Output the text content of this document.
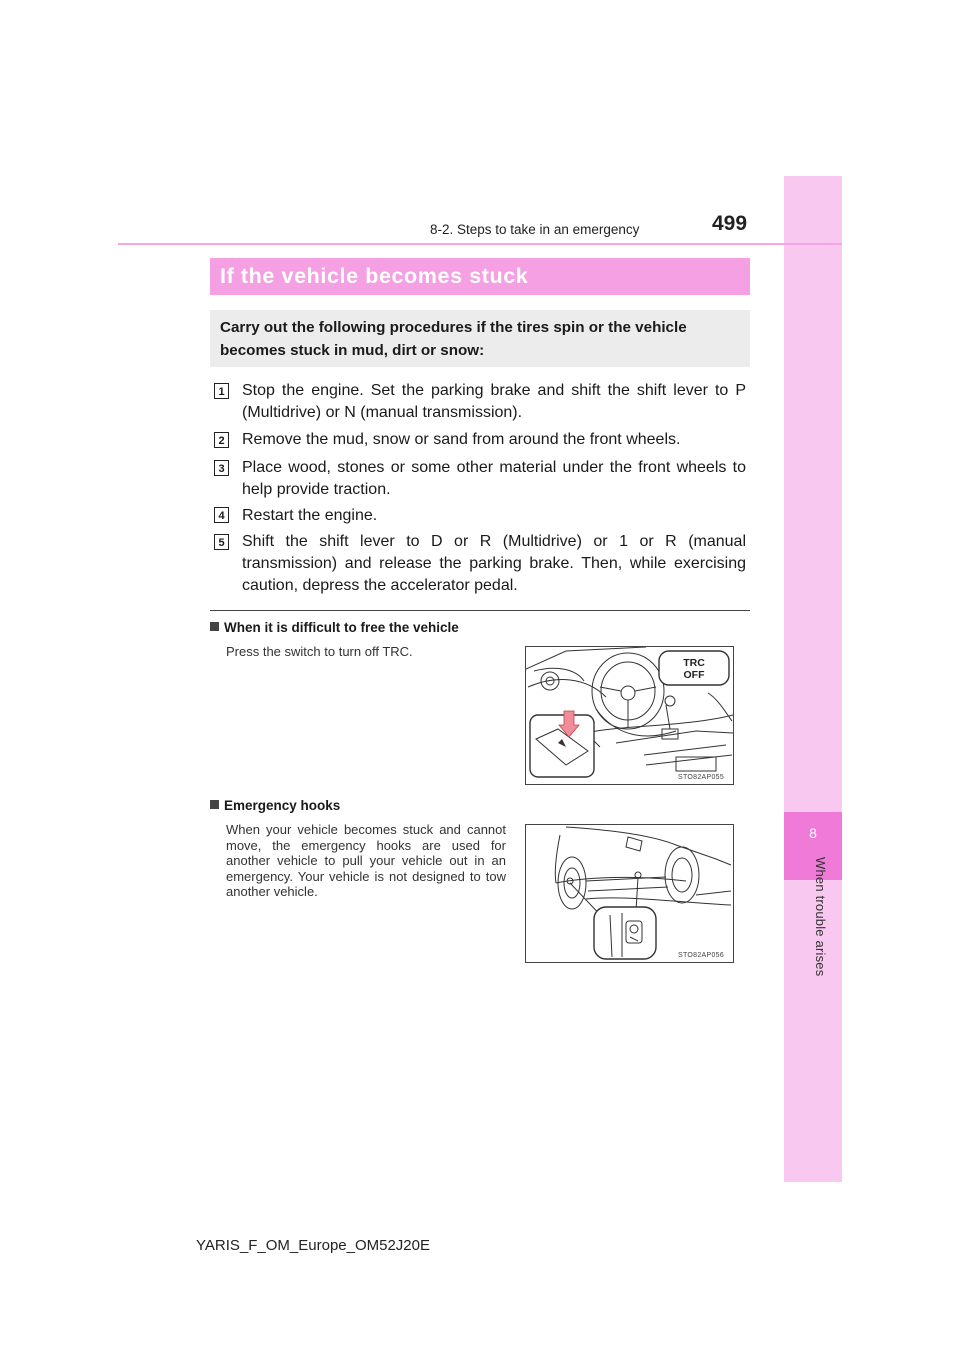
8
When trouble arises
8-2. Steps to take in an emergency	499
If the vehicle becomes stuck
Carry out the following procedures if the tires spin or the vehicle becomes stuck in mud, dirt or snow:
1 Stop the engine. Set the parking brake and shift the shift lever to P (Multidrive) or N (manual transmission).
2 Remove the mud, snow or sand from around the front wheels.
3 Place wood, stones or some other material under the front wheels to help provide traction.
4 Restart the engine.
5 Shift the shift lever to D or R (Multidrive) or 1 or R (manual transmission) and release the parking brake. Then, while exercising caution, depress the accelerator pedal.
When it is difficult to free the vehicle
Press the switch to turn off TRC.
TRC
OFF
STO82AP055
Emergency hooks
When your vehicle becomes stuck and cannot move, the emergency hooks are used for another vehicle to pull your vehicle out in an emergency. Your vehicle is not designed to tow another vehicle.
STO82AP056
YARIS_F_OM_Europe_OM52J20E
